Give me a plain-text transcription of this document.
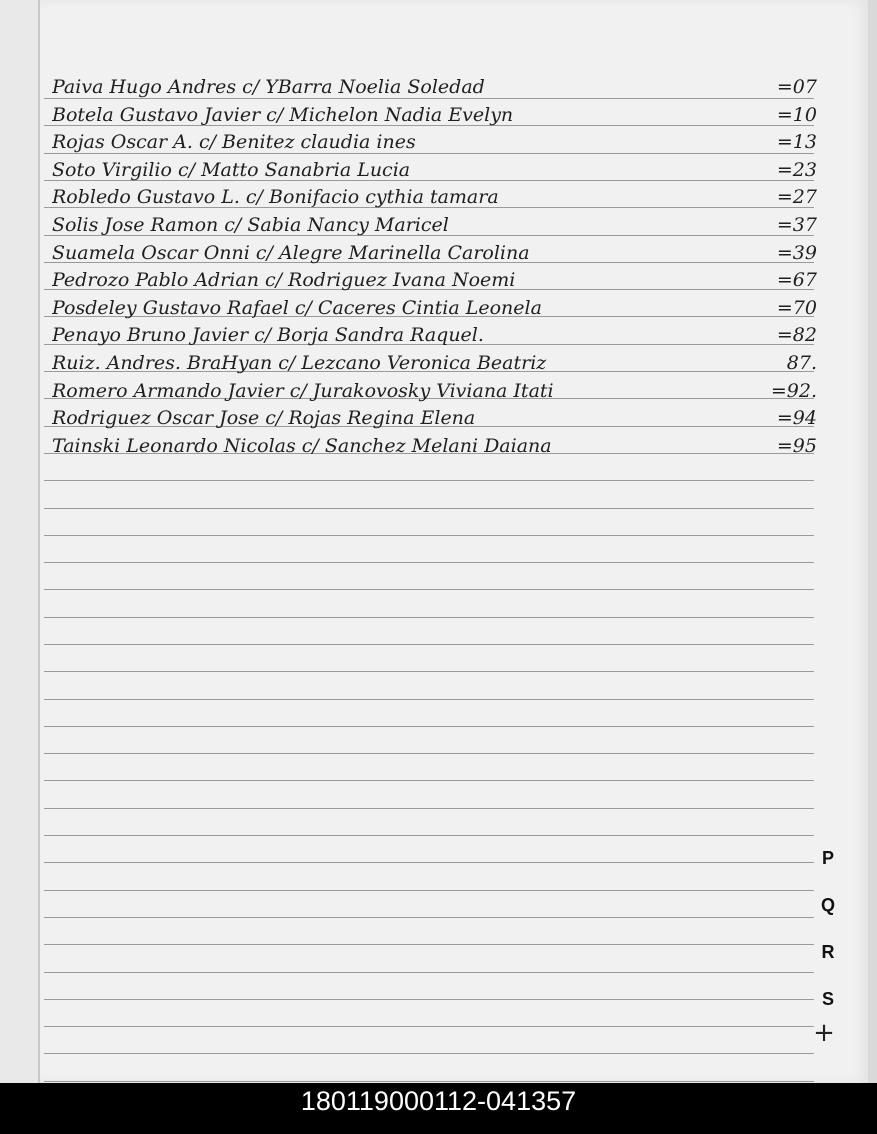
Paiva Hugo Andres c/ YBarra Noelia Soledad	=07
Botela Gustavo Javier c/ Michelon Nadia Evelyn	=10
Rojas Oscar A. c/ Benitez claudia ines	=13
Soto Virgilio c/ Matto Sanabria Lucia	=23
Robledo Gustavo L. c/ Bonifacio cythia tamara	=27
Solis Jose Ramon c/ Sabia Nancy Maricel	=37
Suamela Oscar Onni c/ Alegre Marinella Carolina	=39
Pedrozo Pablo Adrian c/ Rodriguez Ivana Noemi	=67
Posdeley Gustavo Rafael c/ Caceres Cintia Leonela	=70
Penayo Bruno Javier c/ Borja Sandra Raquel.	=82
Ruiz. Andres. BraHyan c/ Lezcano Veronica Beatriz	87.
Romero Armando Javier c/ Jurakovosky Viviana Itati	=92.
Rodriguez Oscar Jose c/ Rojas Regina Elena	=94
Tainski Leonardo Nicolas c/ Sanchez Melani Daiana	=95
P
Q
R
S
+
180119000112-041357
